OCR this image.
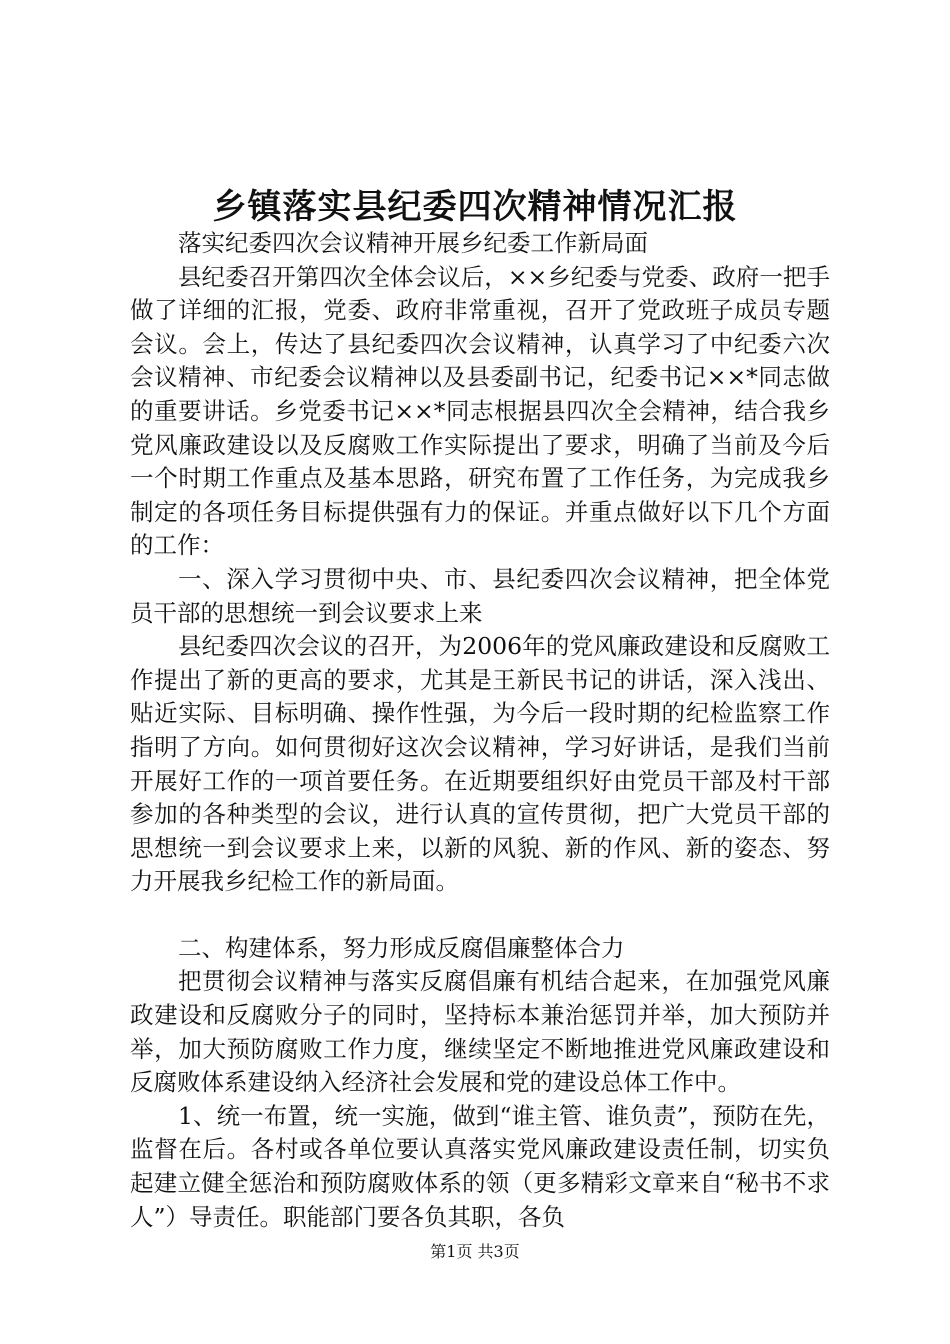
乡镇落实县纪委四次精神情况汇报

落实纪委四次会议精神开展乡纪委工作新局面

县纪委召开第四次全体会议后，××乡纪委与党委、政府一把手做了详细的汇报，党委、政府非常重视，召开了党政班子成员专题会议。会上，传达了县纪委四次会议精神，认真学习了中纪委六次会议精神、市纪委会议精神以及县委副书记，纪委书记××*同志做的重要讲话。乡党委书记××*同志根据县四次全会精神，结合我乡党风廉政建设以及反腐败工作实际提出了要求，明确了当前及今后一个时期工作重点及基本思路，研究布置了工作任务，为完成我乡制定的各项任务目标提供强有力的保证。并重点做好以下几个方面的工作：

一、深入学习贯彻中央、市、县纪委四次会议精神，把全体党员干部的思想统一到会议要求上来

县纪委四次会议的召开，为2006年的党风廉政建设和反腐败工作提出了新的更高的要求，尤其是王新民书记的讲话，深入浅出、贴近实际、目标明确、操作性强，为今后一段时期的纪检监察工作指明了方向。如何贯彻好这次会议精神，学习好讲话，是我们当前开展好工作的一项首要任务。在近期要组织好由党员干部及村干部参加的各种类型的会议，进行认真的宣传贯彻，把广大党员干部的思想统一到会议要求上来，以新的风貌、新的作风、新的姿态、努力开展我乡纪检工作的新局面。

二、构建体系，努力形成反腐倡廉整体合力

把贯彻会议精神与落实反腐倡廉有机结合起来，在加强党风廉政建设和反腐败分子的同时，坚持标本兼治惩罚并举，加大预防并举，加大预防腐败工作力度，继续坚定不断地推进党风廉政建设和反腐败体系建设纳入经济社会发展和党的建设总体工作中。

1、统一布置，统一实施，做到“谁主管、谁负责”，预防在先，监督在后。各村或各单位要认真落实党风廉政建设责任制，切实负起建立健全惩治和预防腐败体系的领（更多精彩文章来自“秘书不求人”）导责任。职能部门要各负其职，各负

第1页 共3页
